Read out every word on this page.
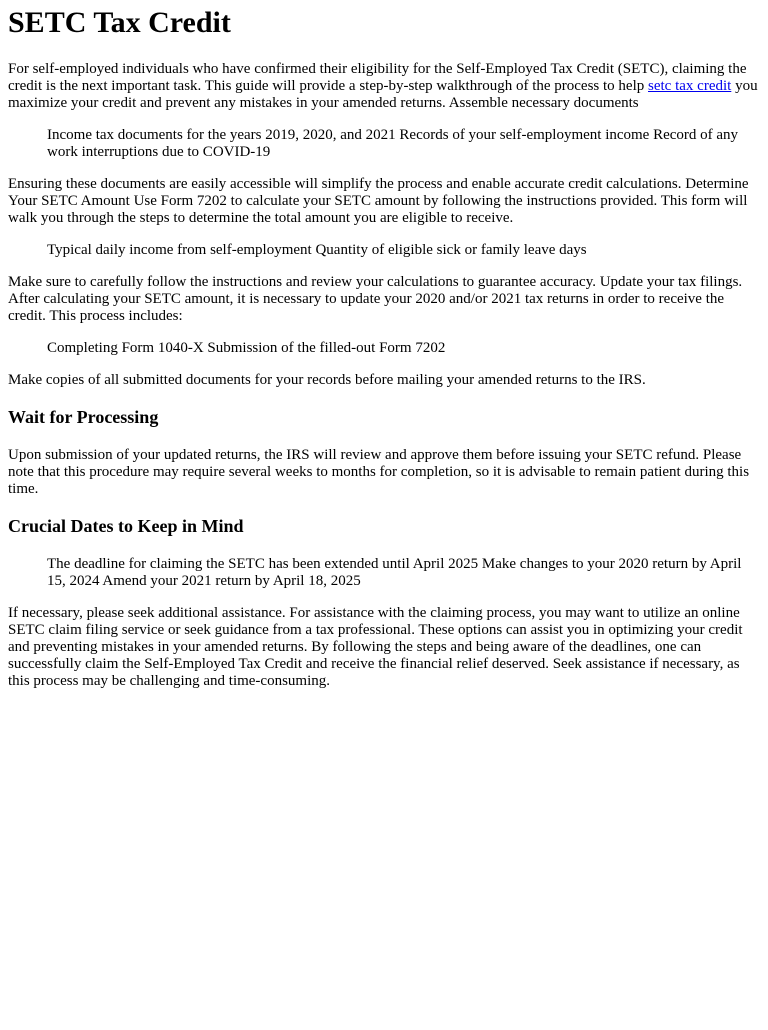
SETC Tax Credit

For self-employed individuals who have confirmed their eligibility for the Self-Employed Tax Credit (SETC), claiming the credit is the next important task. This guide will provide a step-by-step walkthrough of the process to help setc tax credit you maximize your credit and prevent any mistakes in your amended returns. Assemble necessary documents

Income tax documents for the years 2019, 2020, and 2021 Records of your self-employment income Record of any work interruptions due to COVID-19

Ensuring these documents are easily accessible will simplify the process and enable accurate credit calculations. Determine Your SETC Amount Use Form 7202 to calculate your SETC amount by following the instructions provided. This form will walk you through the steps to determine the total amount you are eligible to receive.

Typical daily income from self-employment Quantity of eligible sick or family leave days

Make sure to carefully follow the instructions and review your calculations to guarantee accuracy. Update your tax filings. After calculating your SETC amount, it is necessary to update your 2020 and/or 2021 tax returns in order to receive the credit. This process includes:

Completing Form 1040-X Submission of the filled-out Form 7202

Make copies of all submitted documents for your records before mailing your amended returns to the IRS.

Wait for Processing

Upon submission of your updated returns, the IRS will review and approve them before issuing your SETC refund. Please note that this procedure may require several weeks to months for completion, so it is advisable to remain patient during this time.

Crucial Dates to Keep in Mind
The deadline for claiming the SETC has been extended until April 2025 Make changes to your 2020 return by April 15, 2024 Amend your 2021 return by April 18, 2025

If necessary, please seek additional assistance. For assistance with the claiming process, you may want to utilize an online SETC claim filing service or seek guidance from a tax professional. These options can assist you in optimizing your credit and preventing mistakes in your amended returns. By following the steps and being aware of the deadlines, one can successfully claim the Self-Employed Tax Credit and receive the financial relief deserved. Seek assistance if necessary, as this process may be challenging and time-consuming.
